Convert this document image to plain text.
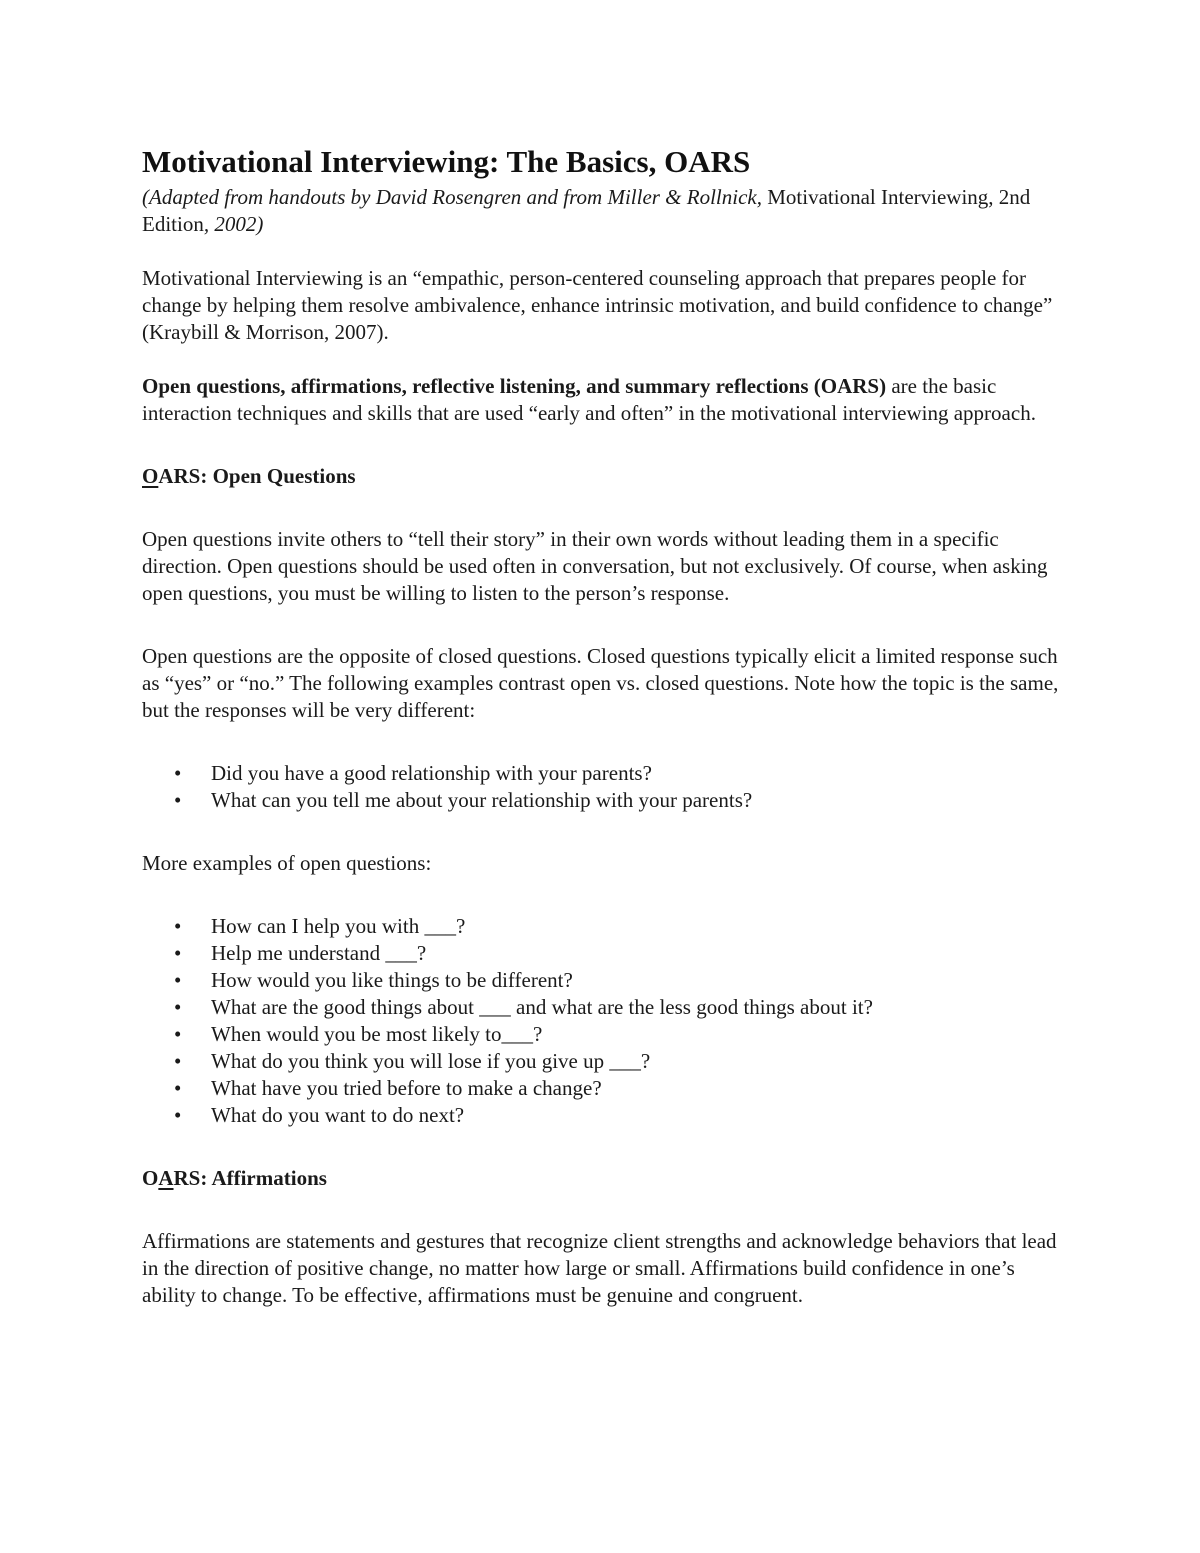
Motivational Interviewing: The Basics, OARS

(Adapted from handouts by David Rosengren and from Miller & Rollnick, Motivational Interviewing, 2nd Edition, 2002)

Motivational Interviewing is an “empathic, person-centered counseling approach that prepares people for change by helping them resolve ambivalence, enhance intrinsic motivation, and build confidence to change” (Kraybill & Morrison, 2007).

Open questions, affirmations, reflective listening, and summary reflections (OARS) are the basic interaction techniques and skills that are used “early and often” in the motivational interviewing approach.

OARS: Open Questions

Open questions invite others to “tell their story” in their own words without leading them in a specific direction. Open questions should be used often in conversation, but not exclusively. Of course, when asking open questions, you must be willing to listen to the person’s response.

Open questions are the opposite of closed questions. Closed questions typically elicit a limited response such as “yes” or “no.” The following examples contrast open vs. closed questions. Note how the topic is the same, but the responses will be very different:

• Did you have a good relationship with your parents?
• What can you tell me about your relationship with your parents?

More examples of open questions:

• How can I help you with ___?
• Help me understand ___?
• How would you like things to be different?
• What are the good things about ___ and what are the less good things about it?
• When would you be most likely to___?
• What do you think you will lose if you give up ___?
• What have you tried before to make a change?
• What do you want to do next?

OARS: Affirmations

Affirmations are statements and gestures that recognize client strengths and acknowledge behaviors that lead in the direction of positive change, no matter how large or small. Affirmations build confidence in one’s ability to change. To be effective, affirmations must be genuine and congruent.
